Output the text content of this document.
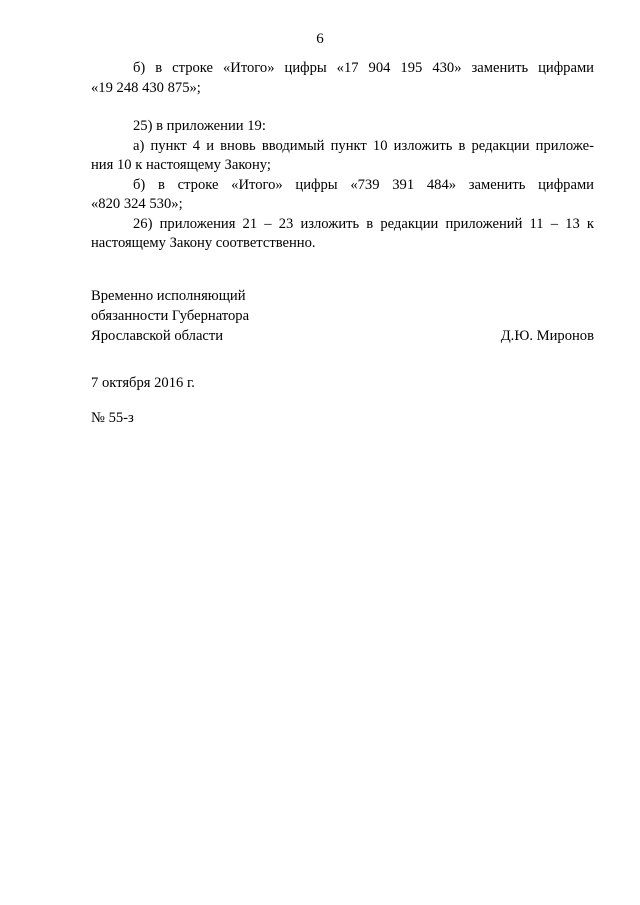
6

б) в строке «Итого» цифры «17 904 195 430» заменить цифрами

«19 248 430 875»;

25) в приложении 19:

а) пункт 4 и вновь вводимый пункт 10 изложить в редакции приложе-

ния 10 к настоящему Закону;

б) в строке «Итого» цифры «739 391 484» заменить цифрами

«820 324 530»;

26) приложения 21 – 23 изложить в редакции приложений 11 – 13 к

настоящему Закону соответственно.

Временно исполняющий
обязанности Губернатора
Ярославской области	Д.Ю. Миронов
7 октября 2016 г.
№ 55-з
